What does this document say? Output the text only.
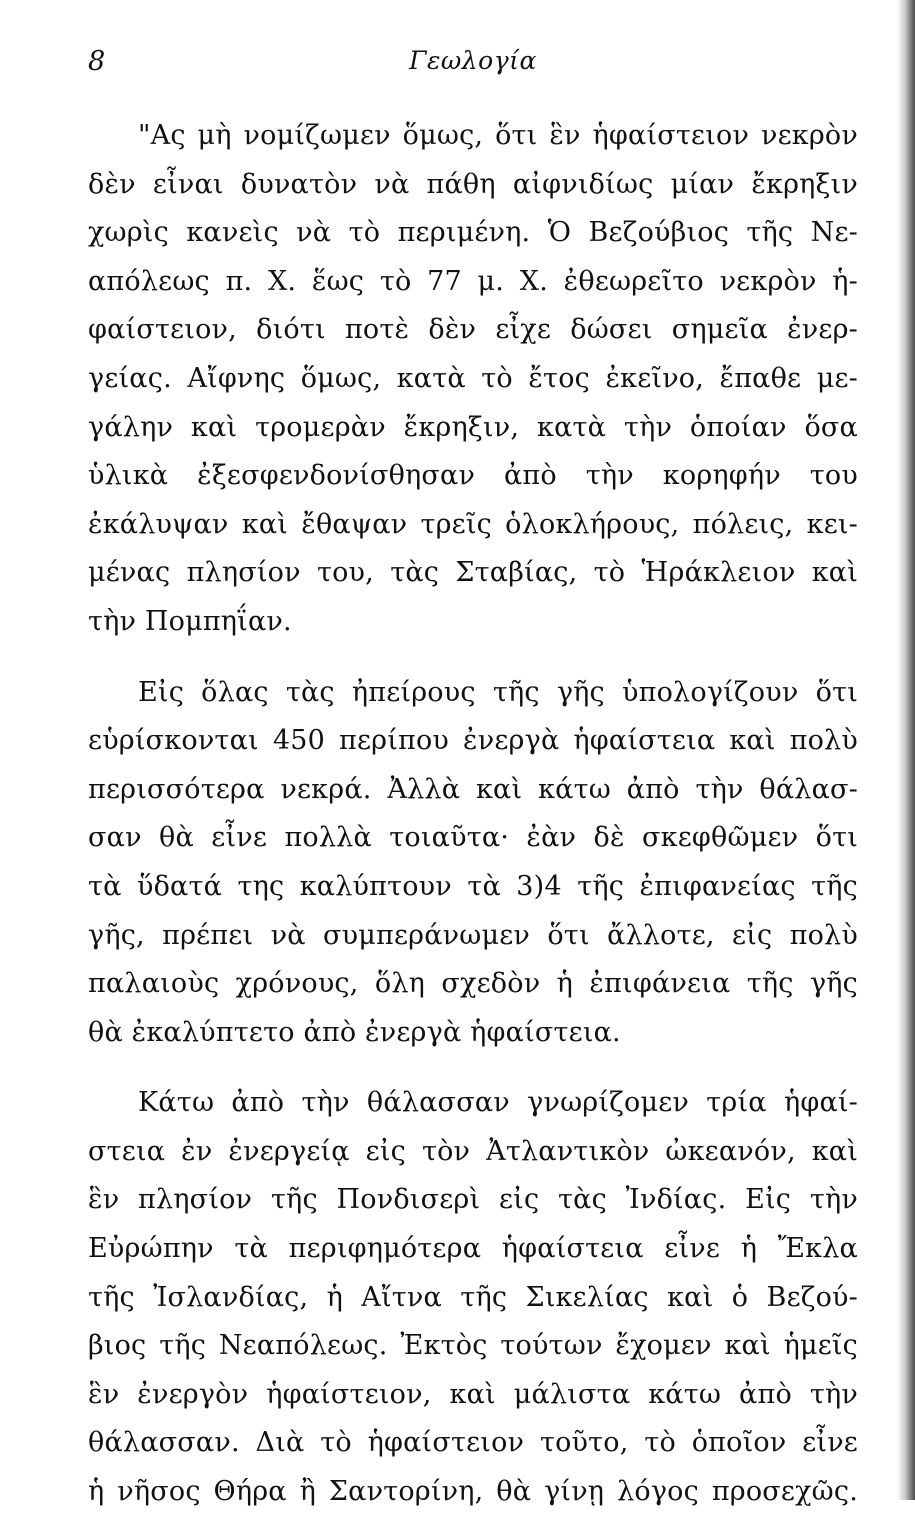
Γεωλογία
8
"Ας μὴ νομίζωμεν ὅμως, ὅτι ἓν ἡφαίστειον νεκρὸν
δὲν εἶναι δυνατὸν νὰ πάθη αἰφνιδίως μίαν ἔκρηξιν
χωρὶς κανεὶς νὰ τὸ περιμένη. Ὁ Βεζούβιος τῆς Νε-
απόλεως π. Χ. ἕως τὸ 77 μ. Χ. ἐθεωρεῖτο νεκρὸν ἡ-
φαίστειον, διότι ποτὲ δὲν εἶχε δώσει σημεῖα ἐνερ-
γείας. Αἴφνης ὅμως, κατὰ τὸ ἔτος ἐκεῖνο, ἔπαθε με-
γάλην καὶ τρομερὰν ἔκρηξιν, κατὰ τὴν ὁποίαν ὅσα
ὑλικὰ ἐξεσφενδονίσθησαν ἀπὸ τὴν κορηφήν του
ἐκάλυψαν καὶ ἔθαψαν τρεῖς ὁλοκλήρους, πόλεις, κει-
μένας πλησίον του, τὰς Σταβίας, τὸ Ἡράκλειον καὶ
τὴν Πομπηΐαν.
Εἰς ὅλας τὰς ἠπείρους τῆς γῆς ὑπολογίζουν ὅτι
εὑρίσκονται 450 περίπου ἐνεργὰ ἡφαίστεια καὶ πολὺ
περισσότερα νεκρά. Ἀλλὰ καὶ κάτω ἀπὸ τὴν θάλασ-
σαν θὰ εἶνε πολλὰ τοιαῦτα· ἐὰν δὲ σκεφθῶμεν ὅτι
τὰ ὕδατά της καλύπτουν τὰ 3)4 τῆς ἐπιφανείας τῆς
γῆς, πρέπει νὰ συμπεράνωμεν ὅτι ἄλλοτε, εἰς πολὺ
παλαιοὺς χρόνους, ὅλη σχεδὸν ἡ ἐπιφάνεια τῆς γῆς
θὰ ἐκαλύπτετο ἀπὸ ἐνεργὰ ἡφαίστεια.
Κάτω ἀπὸ τὴν θάλασσαν γνωρίζομεν τρία ἡφαί-
στεια ἐν ἐνεργείᾳ εἰς τὸν Ἀτλαντικὸν ὠκεανόν, καὶ
ἓν πλησίον τῆς Πονδισερὶ εἰς τὰς Ἰνδίας. Εἰς τὴν
Εὐρώπην τὰ περιφημότερα ἡφαίστεια εἶνε ἡ Ἔκλα
τῆς Ἰσλανδίας, ἡ Αἴτνα τῆς Σικελίας καὶ ὁ Βεζού-
βιος τῆς Νεαπόλεως. Ἐκτὸς τούτων ἔχομεν καὶ ἡμεῖς
ἓν ἐνεργὸν ἡφαίστειον, καὶ μάλιστα κάτω ἀπὸ τὴν
θάλασσαν. Διὰ τὸ ἡφαίστειον τοῦτο, τὸ ὁποῖον εἶνε
ἡ νῆσος Θήρα ἢ Σαντορίνη, θὰ γίνῃ λόγος προσεχῶς.
